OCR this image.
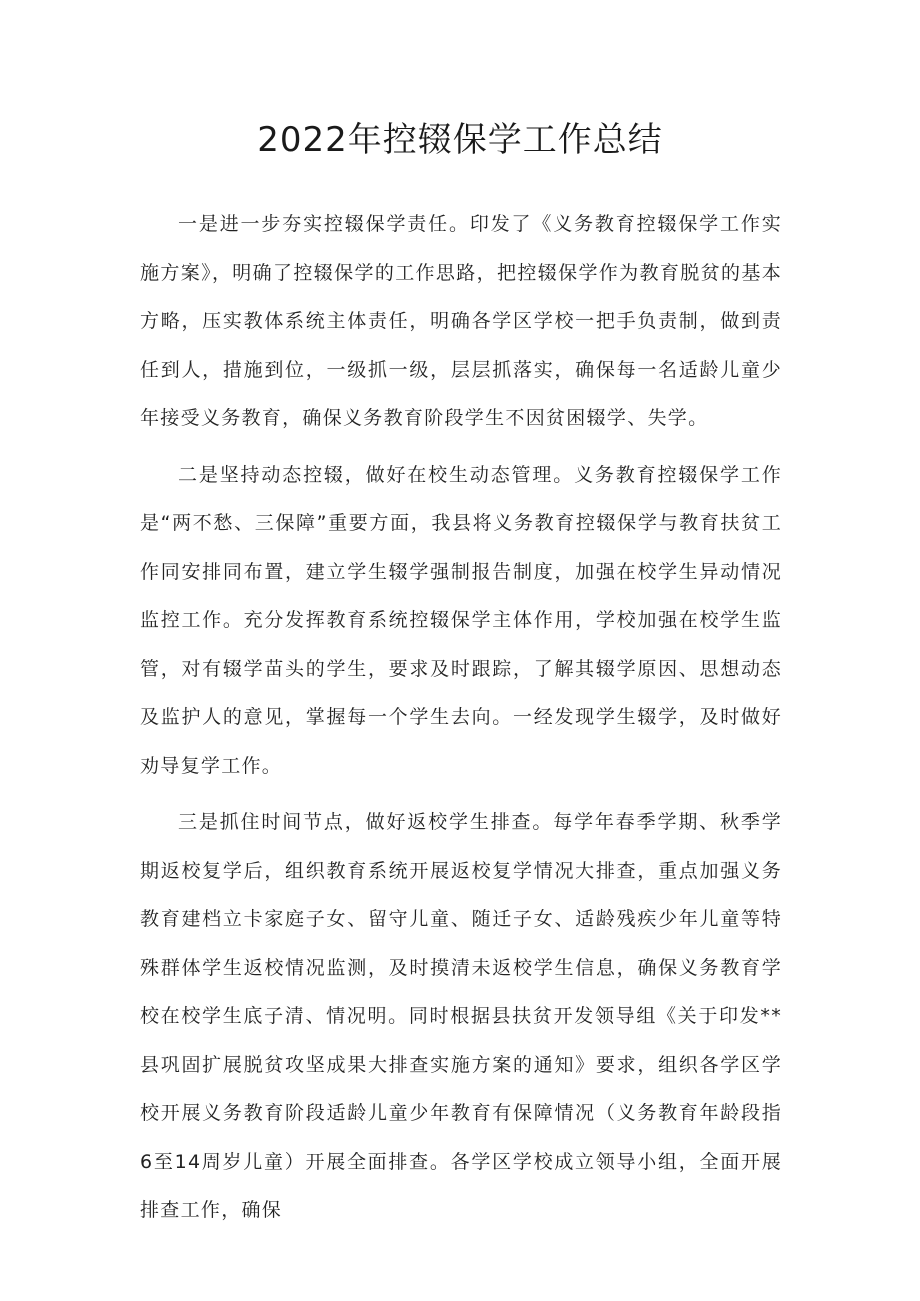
2022年控辍保学工作总结

一是进一步夯实控辍保学责任。印发了《义务教育控辍保学工作实施方案》，明确了控辍保学的工作思路，把控辍保学作为教育脱贫的基本方略，压实教体系统主体责任，明确各学区学校一把手负责制，做到责任到人，措施到位，一级抓一级，层层抓落实，确保每一名适龄儿童少年接受义务教育，确保义务教育阶段学生不因贫困辍学、失学。

二是坚持动态控辍，做好在校生动态管理。义务教育控辍保学工作是“两不愁、三保障”重要方面，我县将义务教育控辍保学与教育扶贫工作同安排同布置，建立学生辍学强制报告制度，加强在校学生异动情况监控工作。充分发挥教育系统控辍保学主体作用，学校加强在校学生监管，对有辍学苗头的学生，要求及时跟踪，了解其辍学原因、思想动态及监护人的意见，掌握每一个学生去向。一经发现学生辍学，及时做好劝导复学工作。

三是抓住时间节点，做好返校学生排查。每学年春季学期、秋季学期返校复学后，组织教育系统开展返校复学情况大排查，重点加强义务教育建档立卡家庭子女、留守儿童、随迁子女、适龄残疾少年儿童等特殊群体学生返校情况监测，及时摸清未返校学生信息，确保义务教育学校在校学生底子清、情况明。同时根据县扶贫开发领导组《关于印发**县巩固扩展脱贫攻坚成果大排查实施方案的通知》要求，组织各学区学校开展义务教育阶段适龄儿童少年教育有保障情况（义务教育年龄段指6至14周岁儿童）开展全面排查。各学区学校成立领导小组，全面开展排查工作，确保
